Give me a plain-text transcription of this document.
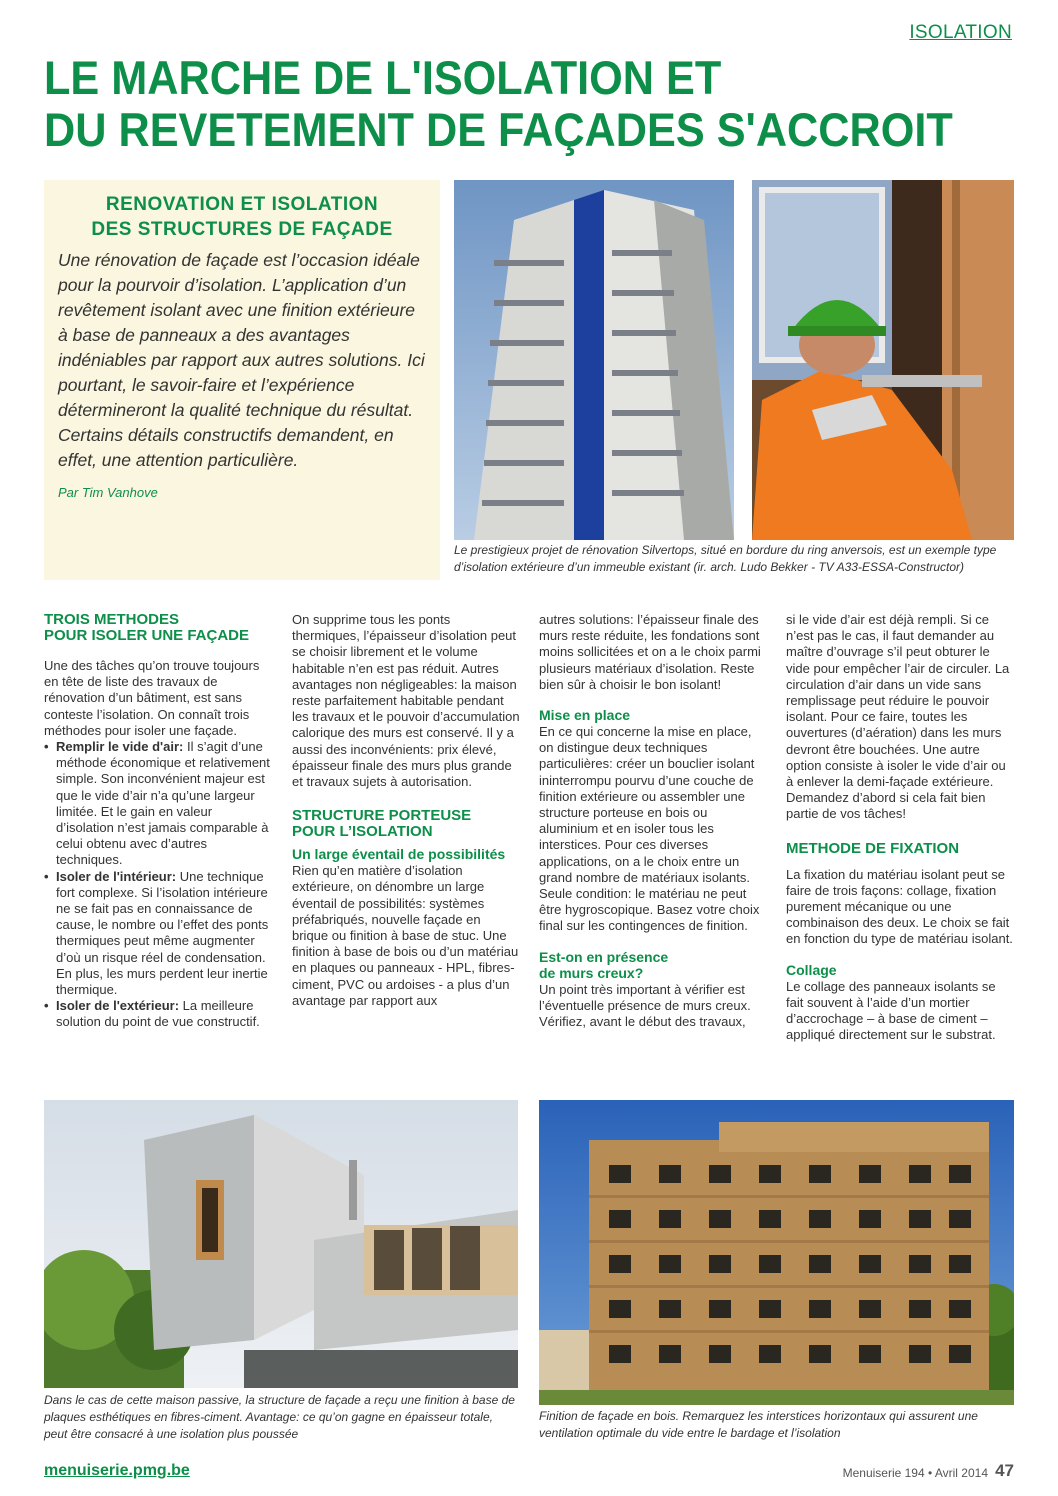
ISOLATION
LE MARCHE DE L'ISOLATION ET
DU REVETEMENT DE FAÇADES S'ACCROIT
RENOVATION ET ISOLATION
DES STRUCTURES DE FAÇADE

Une rénovation de façade est l’occasion idéale pour la pourvoir d’isolation. L’application d’un revêtement isolant avec une finition extérieure à base de panneaux a des avantages indéniables par rapport aux autres solutions. Ici pourtant, le savoir-faire et l’expérience détermineront la qualité technique du résultat. Certains détails constructifs demandent, en effet, une attention particulière.

Par Tim Vanhove

Le prestigieux projet de rénovation Silvertops, situé en bordure du ring anversois, est un exemple type d’isolation extérieure d’un immeuble existant (ir. arch. Ludo Bekker - TV A33-ESSA-Constructor)

TROIS METHODES
POUR ISOLER UNE FAÇADE

Une des tâches qu’on trouve toujours en tête de liste des travaux de rénovation d’un bâtiment, est sans conteste l’isolation. On connaît trois méthodes pour isoler une façade.

• Remplir le vide d'air: Il s’agit d’une méthode économique et relativement simple. Son inconvénient majeur est que le vide d’air n’a qu’une largeur limitée. Et le gain en valeur d’isolation n’est jamais comparable à celui obtenu avec d’autres techniques.
• Isoler de l'intérieur: Une technique fort complexe. Si l’isolation intérieure ne se fait pas en connaissance de cause, le nombre ou l’effet des ponts thermiques peut même augmenter d’où un risque réel de condensation. En plus, les murs perdent leur inertie thermique.
• Isoler de l'extérieur: La meilleure solution du point de vue constructif.

On supprime tous les ponts thermiques, l’épaisseur d’isolation peut se choisir librement et le volume habitable n’en est pas réduit. Autres avantages non négligeables: la maison reste parfaitement habitable pendant les travaux et le pouvoir d’accumulation calorique des murs est conservé. Il y a aussi des inconvénients: prix élevé, épaisseur finale des murs plus grande et travaux sujets à autorisation.

STRUCTURE PORTEUSE
POUR L’ISOLATION
Un large éventail de possibilités

Rien qu’en matière d’isolation extérieure, on dénombre un large éventail de possibilités: systèmes préfabriqués, nouvelle façade en brique ou finition à base de stuc. Une finition à base de bois ou d’un matériau en plaques ou panneaux - HPL, fibres-ciment, PVC ou ardoises - a plus d’un avantage par rapport aux

autres solutions: l’épaisseur finale des murs reste réduite, les fondations sont moins sollicitées et on a le choix parmi plusieurs matériaux d’isolation. Reste bien sûr à choisir le bon isolant!

Mise en place

En ce qui concerne la mise en place, on distingue deux techniques particulières: créer un bouclier isolant ininterrompu pourvu d’une couche de finition extérieure ou assembler une structure porteuse en bois ou aluminium et en isoler tous les interstices. Pour ces diverses applications, on a le choix entre un grand nombre de matériaux isolants. Seule condition: le matériau ne peut être hygroscopique. Basez votre choix final sur les contingences de finition.

Est-on en présence
de murs creux?

Un point très important à vérifier est l’éventuelle présence de murs creux. Vérifiez, avant le début des travaux,

si le vide d’air est déjà rempli. Si ce n’est pas le cas, il faut demander au maître d’ouvrage s’il peut obturer le vide pour empêcher l’air de circuler. La circulation d’air dans un vide sans remplissage peut réduire le pouvoir isolant. Pour ce faire, toutes les ouvertures (d’aération) dans les murs devront être bouchées. Une autre option consiste à isoler le vide d’air ou à enlever la demi-façade extérieure. Demandez d’abord si cela fait bien partie de vos tâches!

METHODE DE FIXATION

La fixation du matériau isolant peut se faire de trois façons: collage, fixation purement mécanique ou une combinaison des deux. Le choix se fait en fonction du type de matériau isolant.

Collage

Le collage des panneaux isolants se fait souvent à l’aide d’un mortier d’accrochage – à base de ciment – appliqué directement sur le substrat.

Dans le cas de cette maison passive, la structure de façade a reçu une finition à base de plaques esthétiques en fibres-ciment. Avantage: ce qu’on gagne en épaisseur totale, peut être consacré à une isolation plus poussée

Finition de façade en bois. Remarquez les interstices horizontaux qui assurent une ventilation optimale du vide entre le bardage et l’isolation

menuiserie.pmg.be	Menuiserie 194 • Avril 2014 47
